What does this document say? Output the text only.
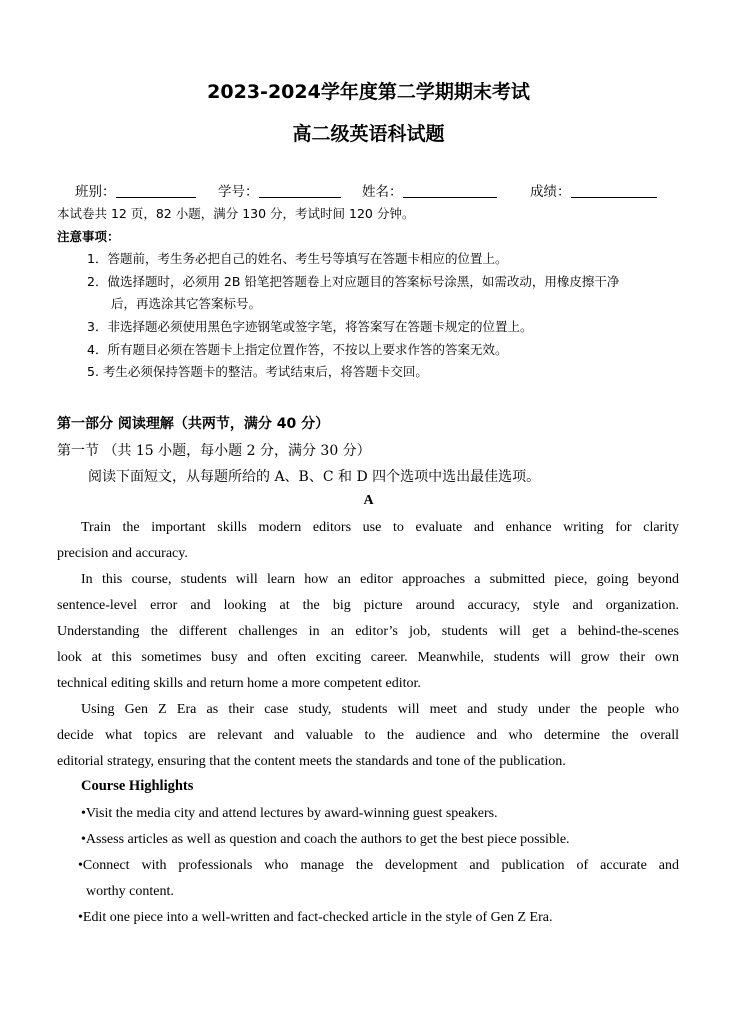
2023-2024学年度第二学期期末考试
高二级英语科试题
班别：	学号：	姓名：	成绩：
本试卷共 12 页，82 小题，满分 130 分，考试时间 120 分钟。
注意事项：
1．答题前，考生务必把自己的姓名、考生号等填写在答题卡相应的位置上。
2．做选择题时，必须用 2B 铅笔把答题卷上对应题目的答案标号涂黑，如需改动，用橡皮擦干净
后，再选涂其它答案标号。
3．非选择题必须使用黑色字迹钢笔或签字笔，将答案写在答题卡规定的位置上。
4．所有题目必须在答题卡上指定位置作答，不按以上要求作答的答案无效。
5. 考生必须保持答题卡的整洁。考试结束后，将答题卡交回。
第一部分 阅读理解（共两节，满分 40 分）
第一节 （共 15 小题，每小题 2 分，满分 30 分）
阅读下面短文，从每题所给的 A、B、C 和 D 四个选项中选出最佳选项。
A
Train the important skills modern editors use to evaluate and enhance writing for clarity
precision and accuracy.
In this course, students will learn how an editor approaches a submitted piece, going beyond
sentence-level error and looking at the big picture around accuracy, style and organization.
Understanding the different challenges in an editor’s job, students will get a behind-the-scenes
look at this sometimes busy and often exciting career. Meanwhile, students will grow their own
technical editing skills and return home a more competent editor.
Using Gen Z Era as their case study, students will meet and study under the people who
decide what topics are relevant and valuable to the audience and who determine the overall
editorial strategy, ensuring that the content meets the standards and tone of the publication.
Course Highlights
•Visit the media city and attend lectures by award-winning guest speakers.
•Assess articles as well as question and coach the authors to get the best piece possible.
•Connect with professionals who manage the development and publication of accurate and
worthy content.
•Edit one piece into a well-written and fact-checked article in the style of Gen Z Era.
